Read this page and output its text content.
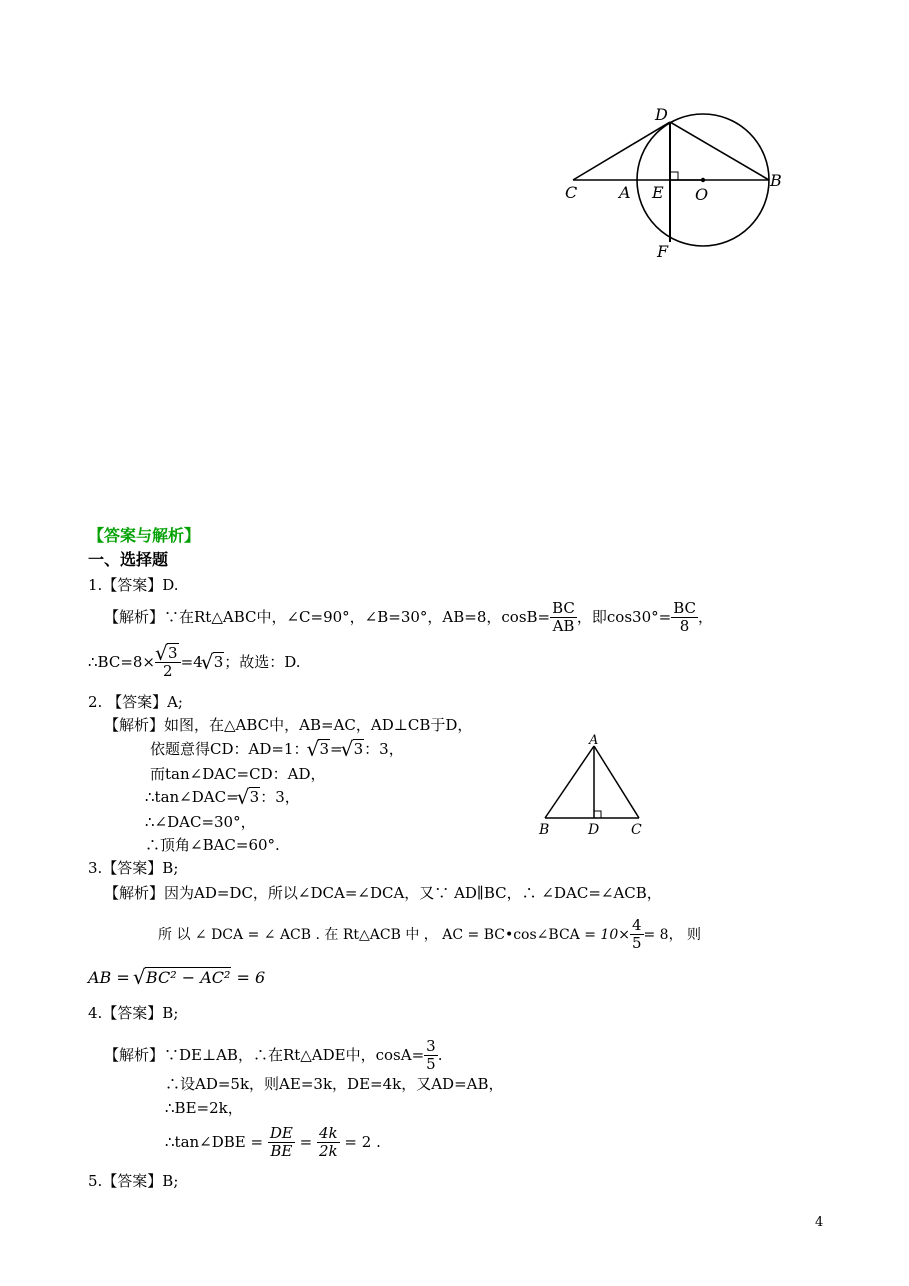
D
C	A E O
B
F
A
B	D C
【答案与解析】
一、选择题
1.【答案】D.
【解析】∵在Rt△ABC中，∠C=90°，∠B=30°，AB=8，$\cos B= \frac{BC}{AB}$ ，即$\cos 30^\circ= \frac{BC}{8}$ ，
∴BC=8×
√ $\frac{3}{2} =4√$ 3；故选：D.
2. 【答案】A;
【解析】如图，在△ABC中，AB=AC，AD⊥CB于D，
依题意得CD：AD=1：√ 3=√ 3：3，
而tan∠DAC=CD：AD，
∴tan∠DAC=√ 3：3，
∴∠DAC=30°，
∴顶角∠BAC=60°.
3.【答案】B;
【解析】因为AD=DC，所以∠DCA=∠DCA，又∵ AD∥BC，∴ ∠DAC=∠ACB，
所 以 ∠ DCA = ∠ ACB . 在 Rt△ACB 中 ， AC = BC•cos∠BCA = $10\times \frac{4}{5} = 8$， 则
AB = √ BC² − AC² = 6
4.【答案】B;
【解析】∵DE⊥AB，∴在Rt△ADE中，$\cos A= \frac{3}{5}$ .
∴设AD=5k，则AE=3k，DE=4k，又AD=AB，
∴BE=2k，
∴tan∠DBE = $\frac{DE}{BE} = \frac{4k}{2k} = 2$ .
5.【答案】B;
4
